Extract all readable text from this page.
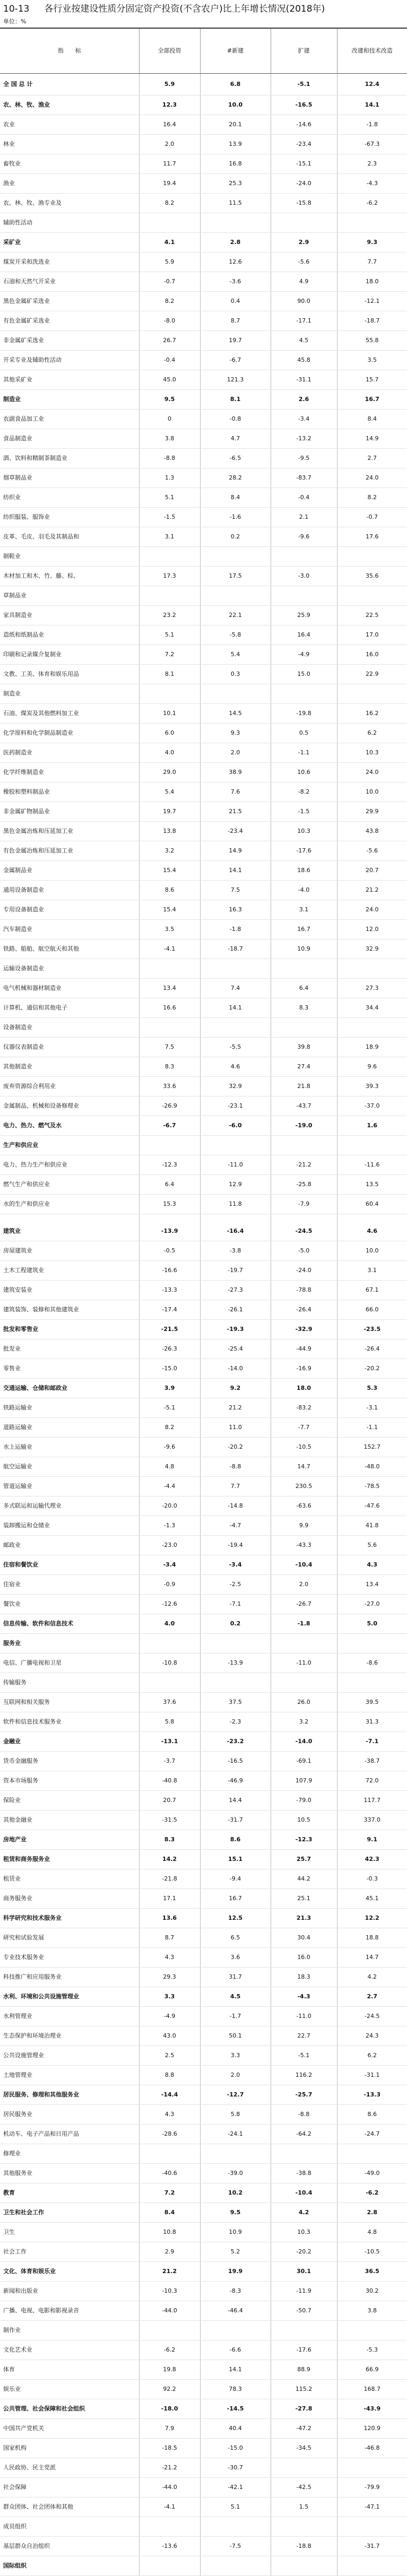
10-13 各行业按建设性质分固定资产投资(不含农户)比上年增长情况(2018年)
单位：%
指　　标	全部投资	#新建	扩建	改建和技术改造
全 国 总 计	5.9	6.8	-5.1	12.4
农、林、牧、渔业	12.3	10.0	-16.5	14.1
农业	16.4	20.1	-14.6	-1.8
林业	2.0	13.9	-23.4	-67.3
畜牧业	11.7	16.8	-15.1	2.3
渔业	19.4	25.3	-24.0	-4.3
农、林、牧、渔专业及	8.2	11.5	-15.8	-6.2
辅助性活动				
采矿业	4.1	2.8	2.9	9.3
煤炭开采和洗选业	5.9	12.6	-5.6	7.7
石油和天然气开采业	-0.7	-3.6	4.9	18.0
黑色金属矿采选业	8.2	0.4	90.0	-12.1
有色金属矿采选业	-8.0	8.7	-17.1	-18.7
非金属矿采选业	26.7	19.7	4.5	55.8
开采专业及辅助性活动	-0.4	-6.7	45.8	3.5
其他采矿业	45.0	121.3	-31.1	15.7
制造业	9.5	8.1	2.6	16.7
农副食品加工业	0	-0.8	-3.4	8.4
食品制造业	3.8	4.7	-13.2	14.9
酒、饮料和精制茶制造业	-8.8	-6.5	-9.5	2.7
烟草制品业	1.3	28.2	-83.7	24.0
纺织业	5.1	8.4	-0.4	8.2
纺织服装、服饰业	-1.5	-1.6	2.1	-0.7
皮革、毛皮、羽毛及其制品和	3.1	0.2	-9.6	17.6
制鞋业				
木材加工和木、竹、藤、棕、	17.3	17.5	-3.0	35.6
草制品业				
家具制造业	23.2	22.1	25.9	22.5
造纸和纸制品业	5.1	-5.8	16.4	17.0
印刷和记录媒介复制业	7.2	5.4	-4.9	16.0
文教、工美、体育和娱乐用品	8.1	0.3	15.0	22.9
制造业				
石油、煤炭及其他燃料加工业	10.1	14.5	-19.8	16.2
化学原料和化学制品制造业	6.0	9.3	0.5	6.2
医药制造业	4.0	2.0	-1.1	10.3
化学纤维制造业	29.0	38.9	10.6	24.0
橡胶和塑料制品业	5.4	7.6	-8.2	10.0
非金属矿物制品业	19.7	21.5	-1.5	29.9
黑色金属冶炼和压延加工业	13.8	-23.4	10.3	43.8
有色金属冶炼和压延加工业	3.2	14.9	-17.6	-5.6
金属制品业	15.4	14.1	18.6	20.7
通用设备制造业	8.6	7.5	-4.0	21.2
专用设备制造业	15.4	16.3	3.1	24.0
汽车制造业	3.5	-1.8	16.7	12.0
铁路、船舶、航空航天和其他	-4.1	-18.7	10.9	32.9
运输设备制造业				
电气机械和器材制造业	13.4	7.4	6.4	27.3
计算机、通信和其他电子	16.6	14.1	8.3	34.4
设备制造业				
仪器仪表制造业	7.5	-5.5	39.8	18.9
其他制造业	8.3	4.6	27.4	9.6
废弃资源综合利用业	33.6	32.9	21.8	39.3
金属制品、机械和设备修理业	-26.9	-23.1	-43.7	-37.0
电力、热力、燃气及水	-6.7	-6.0	-19.0	1.6
生产和供应业				
电力、热力生产和供应业	-12.3	-11.0	-21.2	-11.6
燃气生产和供应业	6.4	12.9	-25.8	13.5
水的生产和供应业	15.3	11.8	-7.9	60.4

建筑业	-13.9	-16.4	-24.5	4.6
房屋建筑业	-0.5	-3.8	-5.0	10.0
土木工程建筑业	-16.6	-19.7	-24.0	3.1
建筑安装业	-13.3	-27.3	-78.8	67.1
建筑装饰、装修和其他建筑业	-17.4	-26.1	-26.4	66.0
批发和零售业	-21.5	-19.3	-32.9	-23.5
批发业	-26.3	-25.4	-44.9	-26.4
零售业	-15.0	-14.0	-16.9	-20.2
交通运输、仓储和邮政业	3.9	9.2	18.0	5.3
铁路运输业	-5.1	21.2	-83.2	-3.1
道路运输业	8.2	11.0	-7.7	-1.1
水上运输业	-9.6	-20.2	-10.5	152.7
航空运输业	4.8	-8.8	14.7	-48.0
管道运输业	-4.4	7.7	230.5	-78.5
多式联运和运输代理业	-20.0	-14.8	-63.6	-47.6
装卸搬运和仓储业	-1.3	-4.7	9.9	41.8
邮政业	-23.0	-19.4	-43.3	5.6
住宿和餐饮业	-3.4	-3.4	-10.4	4.3
住宿业	-0.9	-2.5	2.0	13.4
餐饮业	-12.6	-7.1	-26.7	-27.0
信息传输、软件和信息技术	4.0	0.2	-1.8	5.0
服务业				
电信、广播电视和卫星	-10.8	-13.9	-11.0	-8.6
传输服务				
互联网和相关服务	37.6	37.5	26.0	39.5
软件和信息技术服务业	5.8	-2.3	3.2	31.3
金融业	-13.1	-23.2	-14.0	-7.1
货币金融服务	-3.7	-16.5	-69.1	-38.7
资本市场服务	-40.8	-46.9	107.9	72.0
保险业	20.7	14.4	-79.0	117.7
其他金融业	-31.5	-31.7	10.5	337.0
房地产业	8.3	8.6	-12.3	9.1
租赁和商务服务业	14.2	15.1	25.7	42.3
租赁业	-21.8	-9.4	44.2	-0.3
商务服务业	17.1	16.7	25.1	45.1
科学研究和技术服务业	13.6	12.5	21.3	12.2
研究和试验发展	8.7	6.5	30.4	18.8
专业技术服务业	4.3	3.6	16.0	14.7
科技推广和应用服务业	29.3	31.7	18.3	4.2
水利、环境和公共设施管理业	3.3	4.5	-4.3	2.7
水利管理业	-4.9	-1.7	-11.0	-24.5
生态保护和环境治理业	43.0	50.1	22.7	24.3
公共设施管理业	2.5	3.3	-5.1	6.2
土地管理业	8.8	2.0	116.2	-31.1
居民服务、修理和其他服务业	-14.4	-12.7	-25.7	-13.3
居民服务业	4.3	5.8	-8.8	8.6
机动车、电子产品和日用产品	-28.6	-24.1	-64.2	-24.7
修理业				
其他服务业	-40.6	-39.0	-38.8	-49.0
教育	7.2	10.2	-10.4	-6.2
卫生和社会工作	8.4	9.5	4.2	2.8
卫生	10.8	10.9	10.3	4.8
社会工作	2.9	5.2	-20.2	-10.5
文化、体育和娱乐业	21.2	19.9	30.1	36.5
新闻和出版业	-10.3	-8.3	-11.9	30.2
广播、电视、电影和影视录音	-44.0	-46.4	-50.7	3.8
制作业				
文化艺术业	-6.2	-6.6	-17.6	-5.3
体育	19.8	14.1	88.9	66.9
娱乐业	92.2	78.3	115.2	168.7
公共管理、社会保障和社会组织	-18.0	-14.5	-27.8	-43.9
中国共产党机关	7.9	40.4	-47.2	120.9
国家机构	-18.5	-15.0	-34.5	-46.8
人民政协、民主党派	-21.2	-30.7		
社会保障	-44.0	-42.1	-42.5	-79.9
群众团体、社会团体和其他	-4.1	5.1	1.5	-47.1
成员组织				
基层群众自治组织	-13.6	-7.5	-18.8	-31.7
国际组织				
